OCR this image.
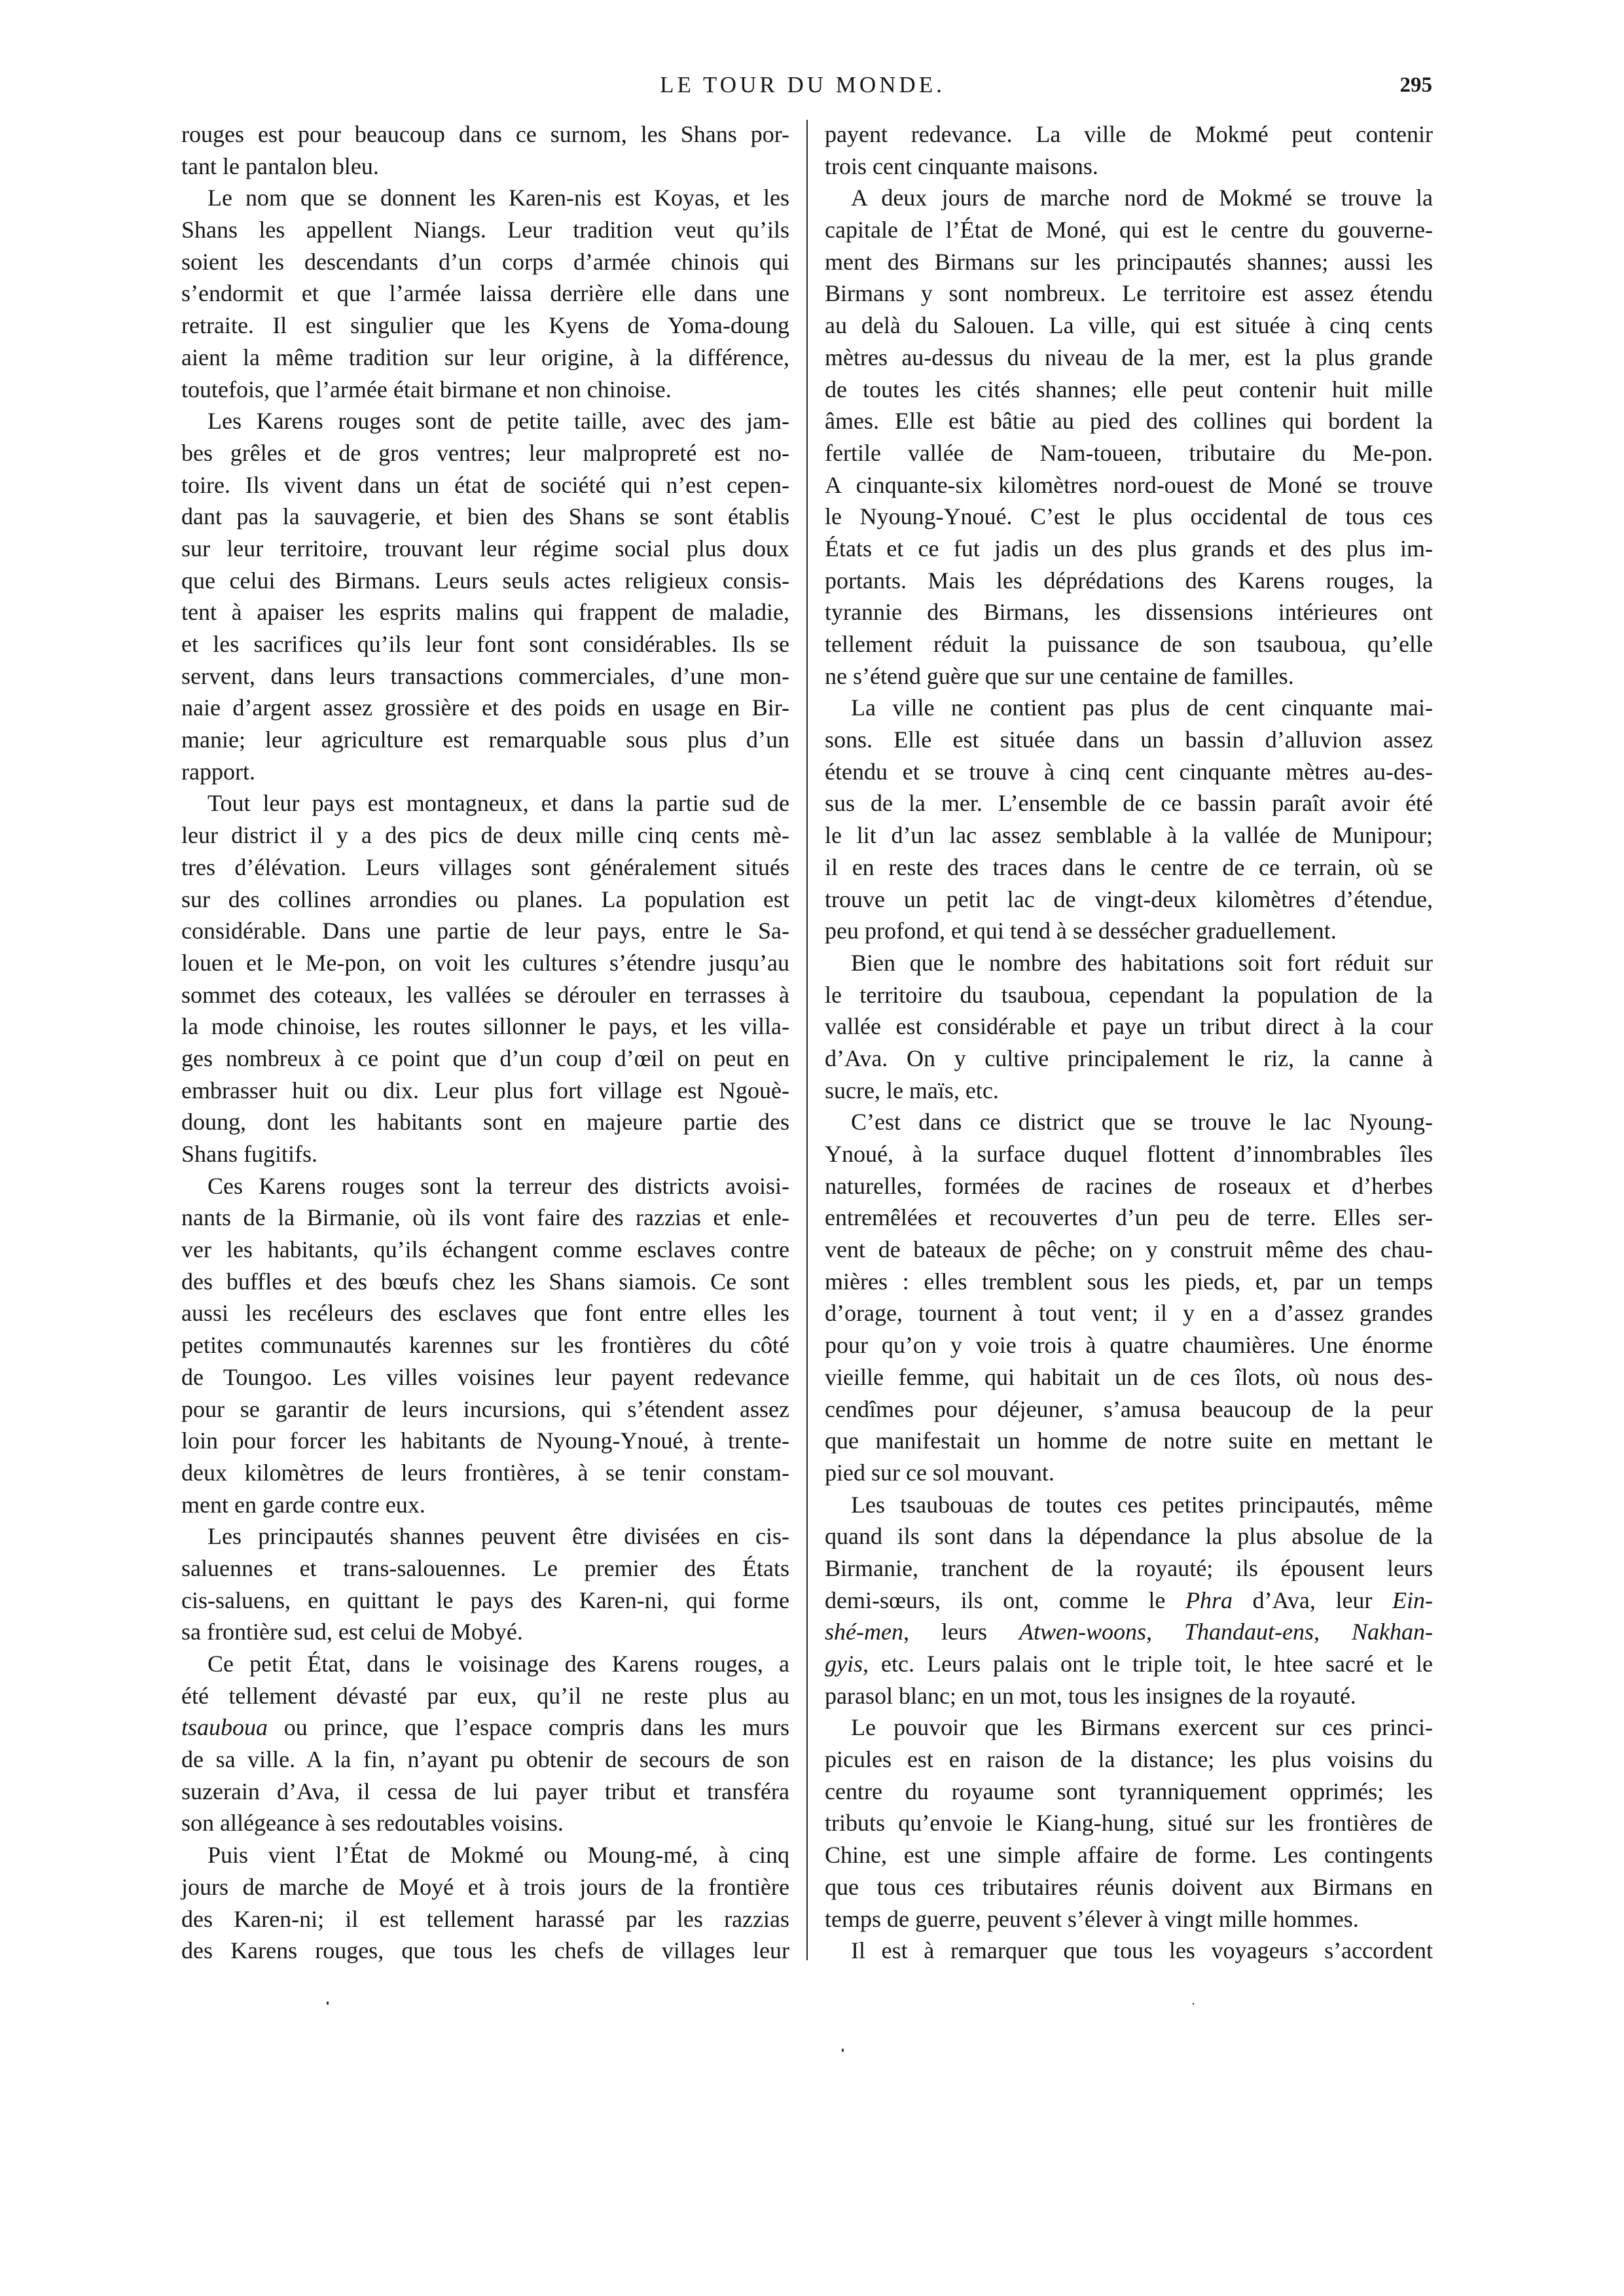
LE TOUR DU MONDE.	295
rouges est pour beaucoup dans ce surnom, les Shans por-
tant le pantalon bleu.
Le nom que se donnent les Karen-nis est Koyas, et les
Shans les appellent Niangs. Leur tradition veut qu’ils
soient les descendants d’un corps d’armée chinois qui
s’endormit et que l’armée laissa derrière elle dans une
retraite. Il est singulier que les Kyens de Yoma-doung
aient la même tradition sur leur origine, à la différence,
toutefois, que l’armée était birmane et non chinoise.
Les Karens rouges sont de petite taille, avec des jam-
bes grêles et de gros ventres; leur malpropreté est no-
toire. Ils vivent dans un état de société qui n’est cepen-
dant pas la sauvagerie, et bien des Shans se sont établis
sur leur territoire, trouvant leur régime social plus doux
que celui des Birmans. Leurs seuls actes religieux consis-
tent à apaiser les esprits malins qui frappent de maladie,
et les sacrifices qu’ils leur font sont considérables. Ils se
servent, dans leurs transactions commerciales, d’une mon-
naie d’argent assez grossière et des poids en usage en Bir-
manie; leur agriculture est remarquable sous plus d’un
rapport.
Tout leur pays est montagneux, et dans la partie sud de
leur district il y a des pics de deux mille cinq cents mè-
tres d’élévation. Leurs villages sont généralement situés
sur des collines arrondies ou planes. La population est
considérable. Dans une partie de leur pays, entre le Sa-
louen et le Me-pon, on voit les cultures s’étendre jusqu’au
sommet des coteaux, les vallées se dérouler en terrasses à
la mode chinoise, les routes sillonner le pays, et les villa-
ges nombreux à ce point que d’un coup d’œil on peut en
embrasser huit ou dix. Leur plus fort village est Ngouè-
doung, dont les habitants sont en majeure partie des
Shans fugitifs.
Ces Karens rouges sont la terreur des districts avoisi-
nants de la Birmanie, où ils vont faire des razzias et enle-
ver les habitants, qu’ils échangent comme esclaves contre
des buffles et des bœufs chez les Shans siamois. Ce sont
aussi les recéleurs des esclaves que font entre elles les
petites communautés karennes sur les frontières du côté
de Toungoo. Les villes voisines leur payent redevance
pour se garantir de leurs incursions, qui s’étendent assez
loin pour forcer les habitants de Nyoung-Ynoué, à trente-
deux kilomètres de leurs frontières, à se tenir constam-
ment en garde contre eux.
Les principautés shannes peuvent être divisées en cis-
saluennes et trans-salouennes. Le premier des États
cis-saluens, en quittant le pays des Karen-ni, qui forme
sa frontière sud, est celui de Mobyé.
Ce petit État, dans le voisinage des Karens rouges, a
été tellement dévasté par eux, qu’il ne reste plus au
tsauboua ou prince, que l’espace compris dans les murs
de sa ville. A la fin, n’ayant pu obtenir de secours de son
suzerain d’Ava, il cessa de lui payer tribut et transféra
son allégeance à ses redoutables voisins.
Puis vient l’État de Mokmé ou Moung-mé, à cinq
jours de marche de Moyé et à trois jours de la frontière
des Karen-ni; il est tellement harassé par les razzias
des Karens rouges, que tous les chefs de villages leur
payent redevance. La ville de Mokmé peut contenir
trois cent cinquante maisons.
A deux jours de marche nord de Mokmé se trouve la
capitale de l’État de Moné, qui est le centre du gouverne-
ment des Birmans sur les principautés shannes; aussi les
Birmans y sont nombreux. Le territoire est assez étendu
au delà du Salouen. La ville, qui est située à cinq cents
mètres au-dessus du niveau de la mer, est la plus grande
de toutes les cités shannes; elle peut contenir huit mille
âmes. Elle est bâtie au pied des collines qui bordent la
fertile vallée de Nam-toueen, tributaire du Me-pon.
A cinquante-six kilomètres nord-ouest de Moné se trouve
le Nyoung-Ynoué. C’est le plus occidental de tous ces
États et ce fut jadis un des plus grands et des plus im-
portants. Mais les déprédations des Karens rouges, la
tyrannie des Birmans, les dissensions intérieures ont
tellement réduit la puissance de son tsauboua, qu’elle
ne s’étend guère que sur une centaine de familles.
La ville ne contient pas plus de cent cinquante mai-
sons. Elle est située dans un bassin d’alluvion assez
étendu et se trouve à cinq cent cinquante mètres au-des-
sus de la mer. L’ensemble de ce bassin paraît avoir été
le lit d’un lac assez semblable à la vallée de Munipour;
il en reste des traces dans le centre de ce terrain, où se
trouve un petit lac de vingt-deux kilomètres d’étendue,
peu profond, et qui tend à se dessécher graduellement.
Bien que le nombre des habitations soit fort réduit sur
le territoire du tsauboua, cependant la population de la
vallée est considérable et paye un tribut direct à la cour
d’Ava. On y cultive principalement le riz, la canne à
sucre, le maïs, etc.
C’est dans ce district que se trouve le lac Nyoung-
Ynoué, à la surface duquel flottent d’innombrables îles
naturelles, formées de racines de roseaux et d’herbes
entremêlées et recouvertes d’un peu de terre. Elles ser-
vent de bateaux de pêche; on y construit même des chau-
mières : elles tremblent sous les pieds, et, par un temps
d’orage, tournent à tout vent; il y en a d’assez grandes
pour qu’on y voie trois à quatre chaumières. Une énorme
vieille femme, qui habitait un de ces îlots, où nous des-
cendîmes pour déjeuner, s’amusa beaucoup de la peur
que manifestait un homme de notre suite en mettant le
pied sur ce sol mouvant.
Les tsaubouas de toutes ces petites principautés, même
quand ils sont dans la dépendance la plus absolue de la
Birmanie, tranchent de la royauté; ils épousent leurs
demi-sœurs, ils ont, comme le Phra d’Ava, leur Ein-
shé-men, leurs Atwen-woons, Thandaut-ens, Nakhan-
gyis, etc. Leurs palais ont le triple toit, le htee sacré et le
parasol blanc; en un mot, tous les insignes de la royauté.
Le pouvoir que les Birmans exercent sur ces princi-
picules est en raison de la distance; les plus voisins du
centre du royaume sont tyranniquement opprimés; les
tributs qu’envoie le Kiang-hung, situé sur les frontières de
Chine, est une simple affaire de forme. Les contingents
que tous ces tributaires réunis doivent aux Birmans en
temps de guerre, peuvent s’élever à vingt mille hommes.
Il est à remarquer que tous les voyageurs s’accordent
